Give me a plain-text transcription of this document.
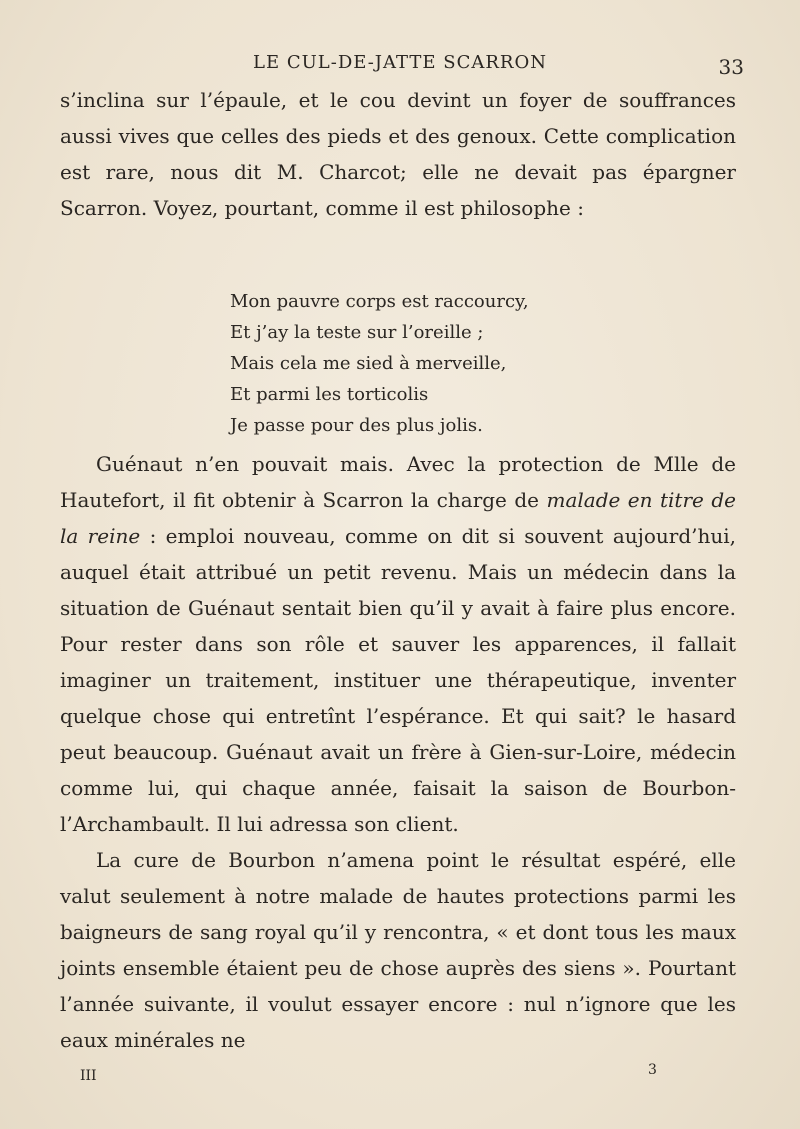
LE CUL-DE-JATTE SCARRON	33

s’inclina sur l’épaule, et le cou devint un foyer de souffrances aussi vives que celles des pieds et des genoux. Cette complication est rare, nous dit M. Charcot; elle ne devait pas épargner Scarron. Voyez, pourtant, comme il est philosophe :

Mon pauvre corps est raccourcy,
Et j’ay la teste sur l’oreille ;
Mais cela me sied à merveille,
Et parmi les torticolis
Je passe pour des plus jolis.

Guénaut n’en pouvait mais. Avec la protection de Mlle de Hautefort, il fit obtenir à Scarron la charge de malade en titre de la reine : emploi nouveau, comme on dit si souvent aujourd’hui, auquel était attribué un petit revenu. Mais un médecin dans la situation de Guénaut sentait bien qu’il y avait à faire plus encore. Pour rester dans son rôle et sauver les apparences, il fallait imaginer un traitement, instituer une thérapeutique, inventer quelque chose qui entretînt l’espérance. Et qui sait? le hasard peut beaucoup. Guénaut avait un frère à Gien-sur-Loire, médecin comme lui, qui chaque année, faisait la saison de Bourbon-l’Archambault. Il lui adressa son client.

La cure de Bourbon n’amena point le résultat espéré, elle valut seulement à notre malade de hautes protections parmi les baigneurs de sang royal qu’il y rencontra, « et dont tous les maux joints ensemble étaient peu de chose auprès des siens ». Pourtant l’année suivante, il voulut essayer encore : nul n’ignore que les eaux minérales ne

III	3
